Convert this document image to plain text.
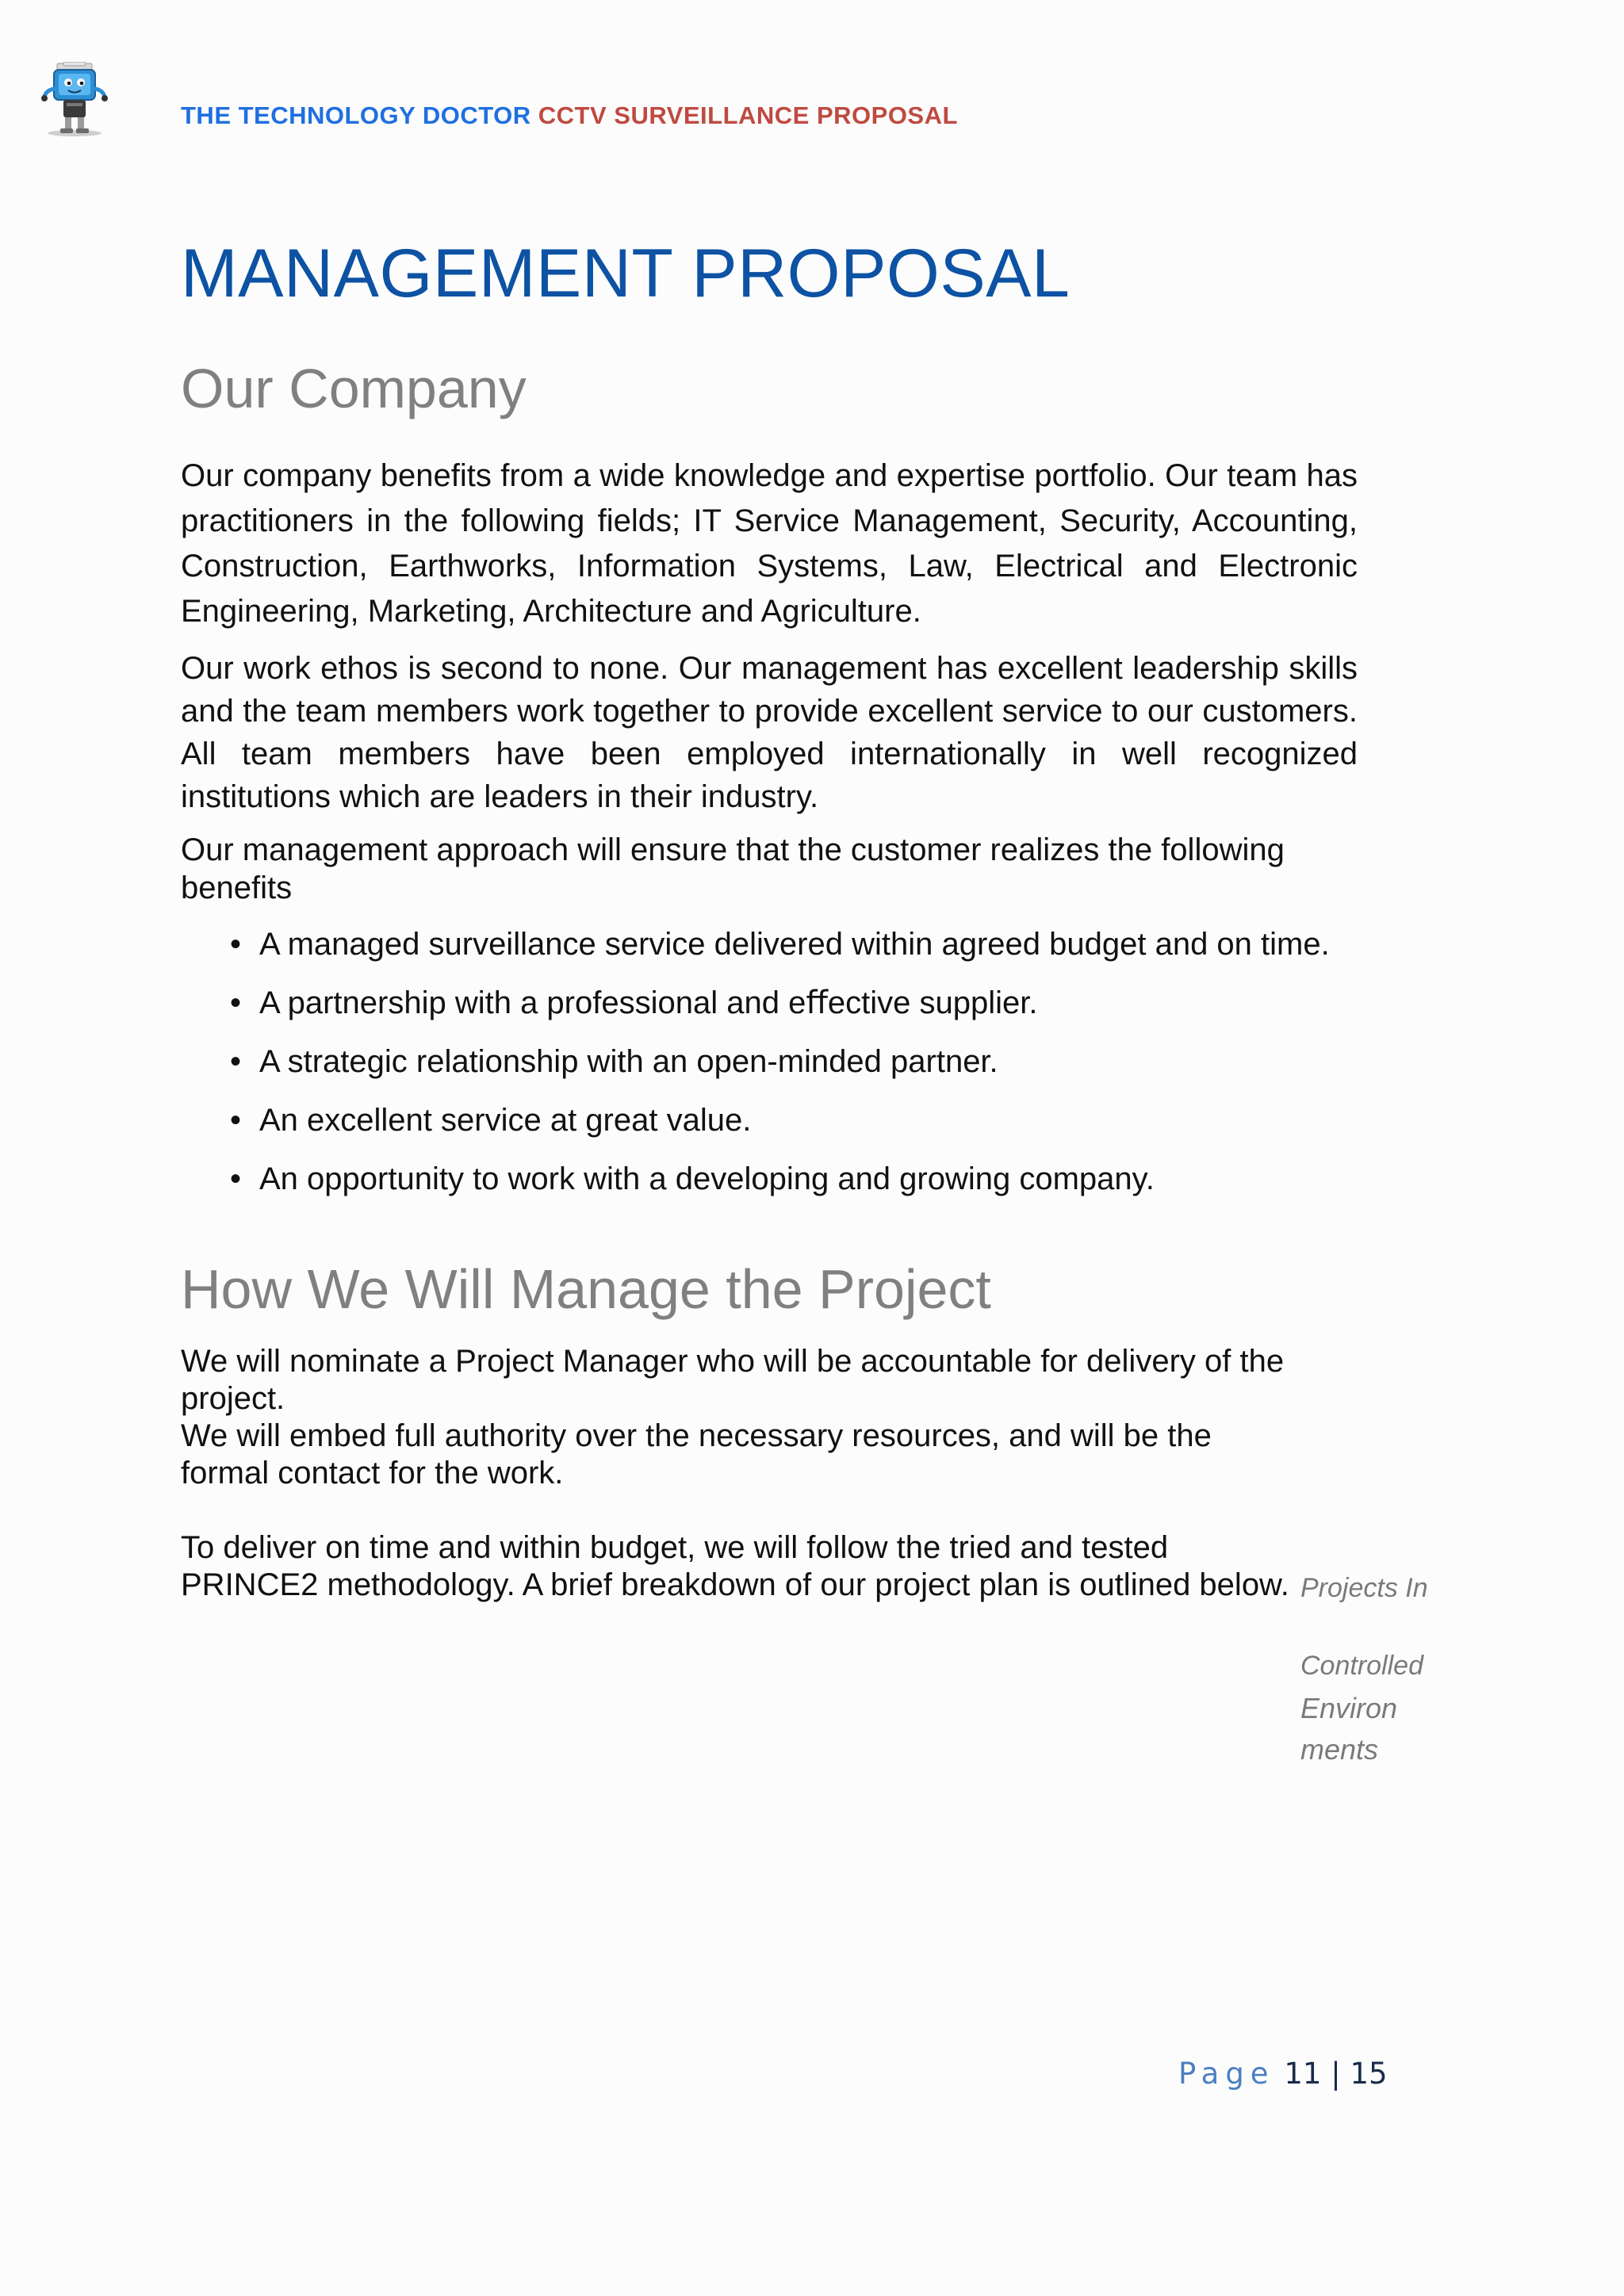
THE TECHNOLOGY DOCTOR CCTV SURVEILLANCE PROPOSAL
MANAGEMENT PROPOSAL
Our Company

Our company benefits from a wide knowledge and expertise portfolio. Our team has practitioners in the following fields; IT Service Management, Security, Accounting, Construction, Earthworks, Information Systems, Law, Electrical and Electronic Engineering, Marketing, Architecture and Agriculture.

Our work ethos is second to none. Our management has excellent leadership skills and the team members work together to provide excellent service to our customers. All team members have been employed internationally in well recognized institutions which are leaders in their industry.

Our management approach will ensure that the customer realizes the following benefits

• A managed surveillance service delivered within agreed budget and on time.
• A partnership with a professional and eﬀective supplier.
• A strategic relationship with an open-minded partner.
• An excellent service at great value.
• An opportunity to work with a developing and growing company.
How We Will Manage the Project

We will nominate a Project Manager who will be accountable for delivery of the project.
We will embed full authority over the necessary resources, and will be the formal contact for the work.

To deliver on time and within budget, we will follow the tried and tested PRINCE2 methodology. A brief breakdown of our project plan is outlined below. Projects In
Controlled
Environ
ments
Page 11 | 15
